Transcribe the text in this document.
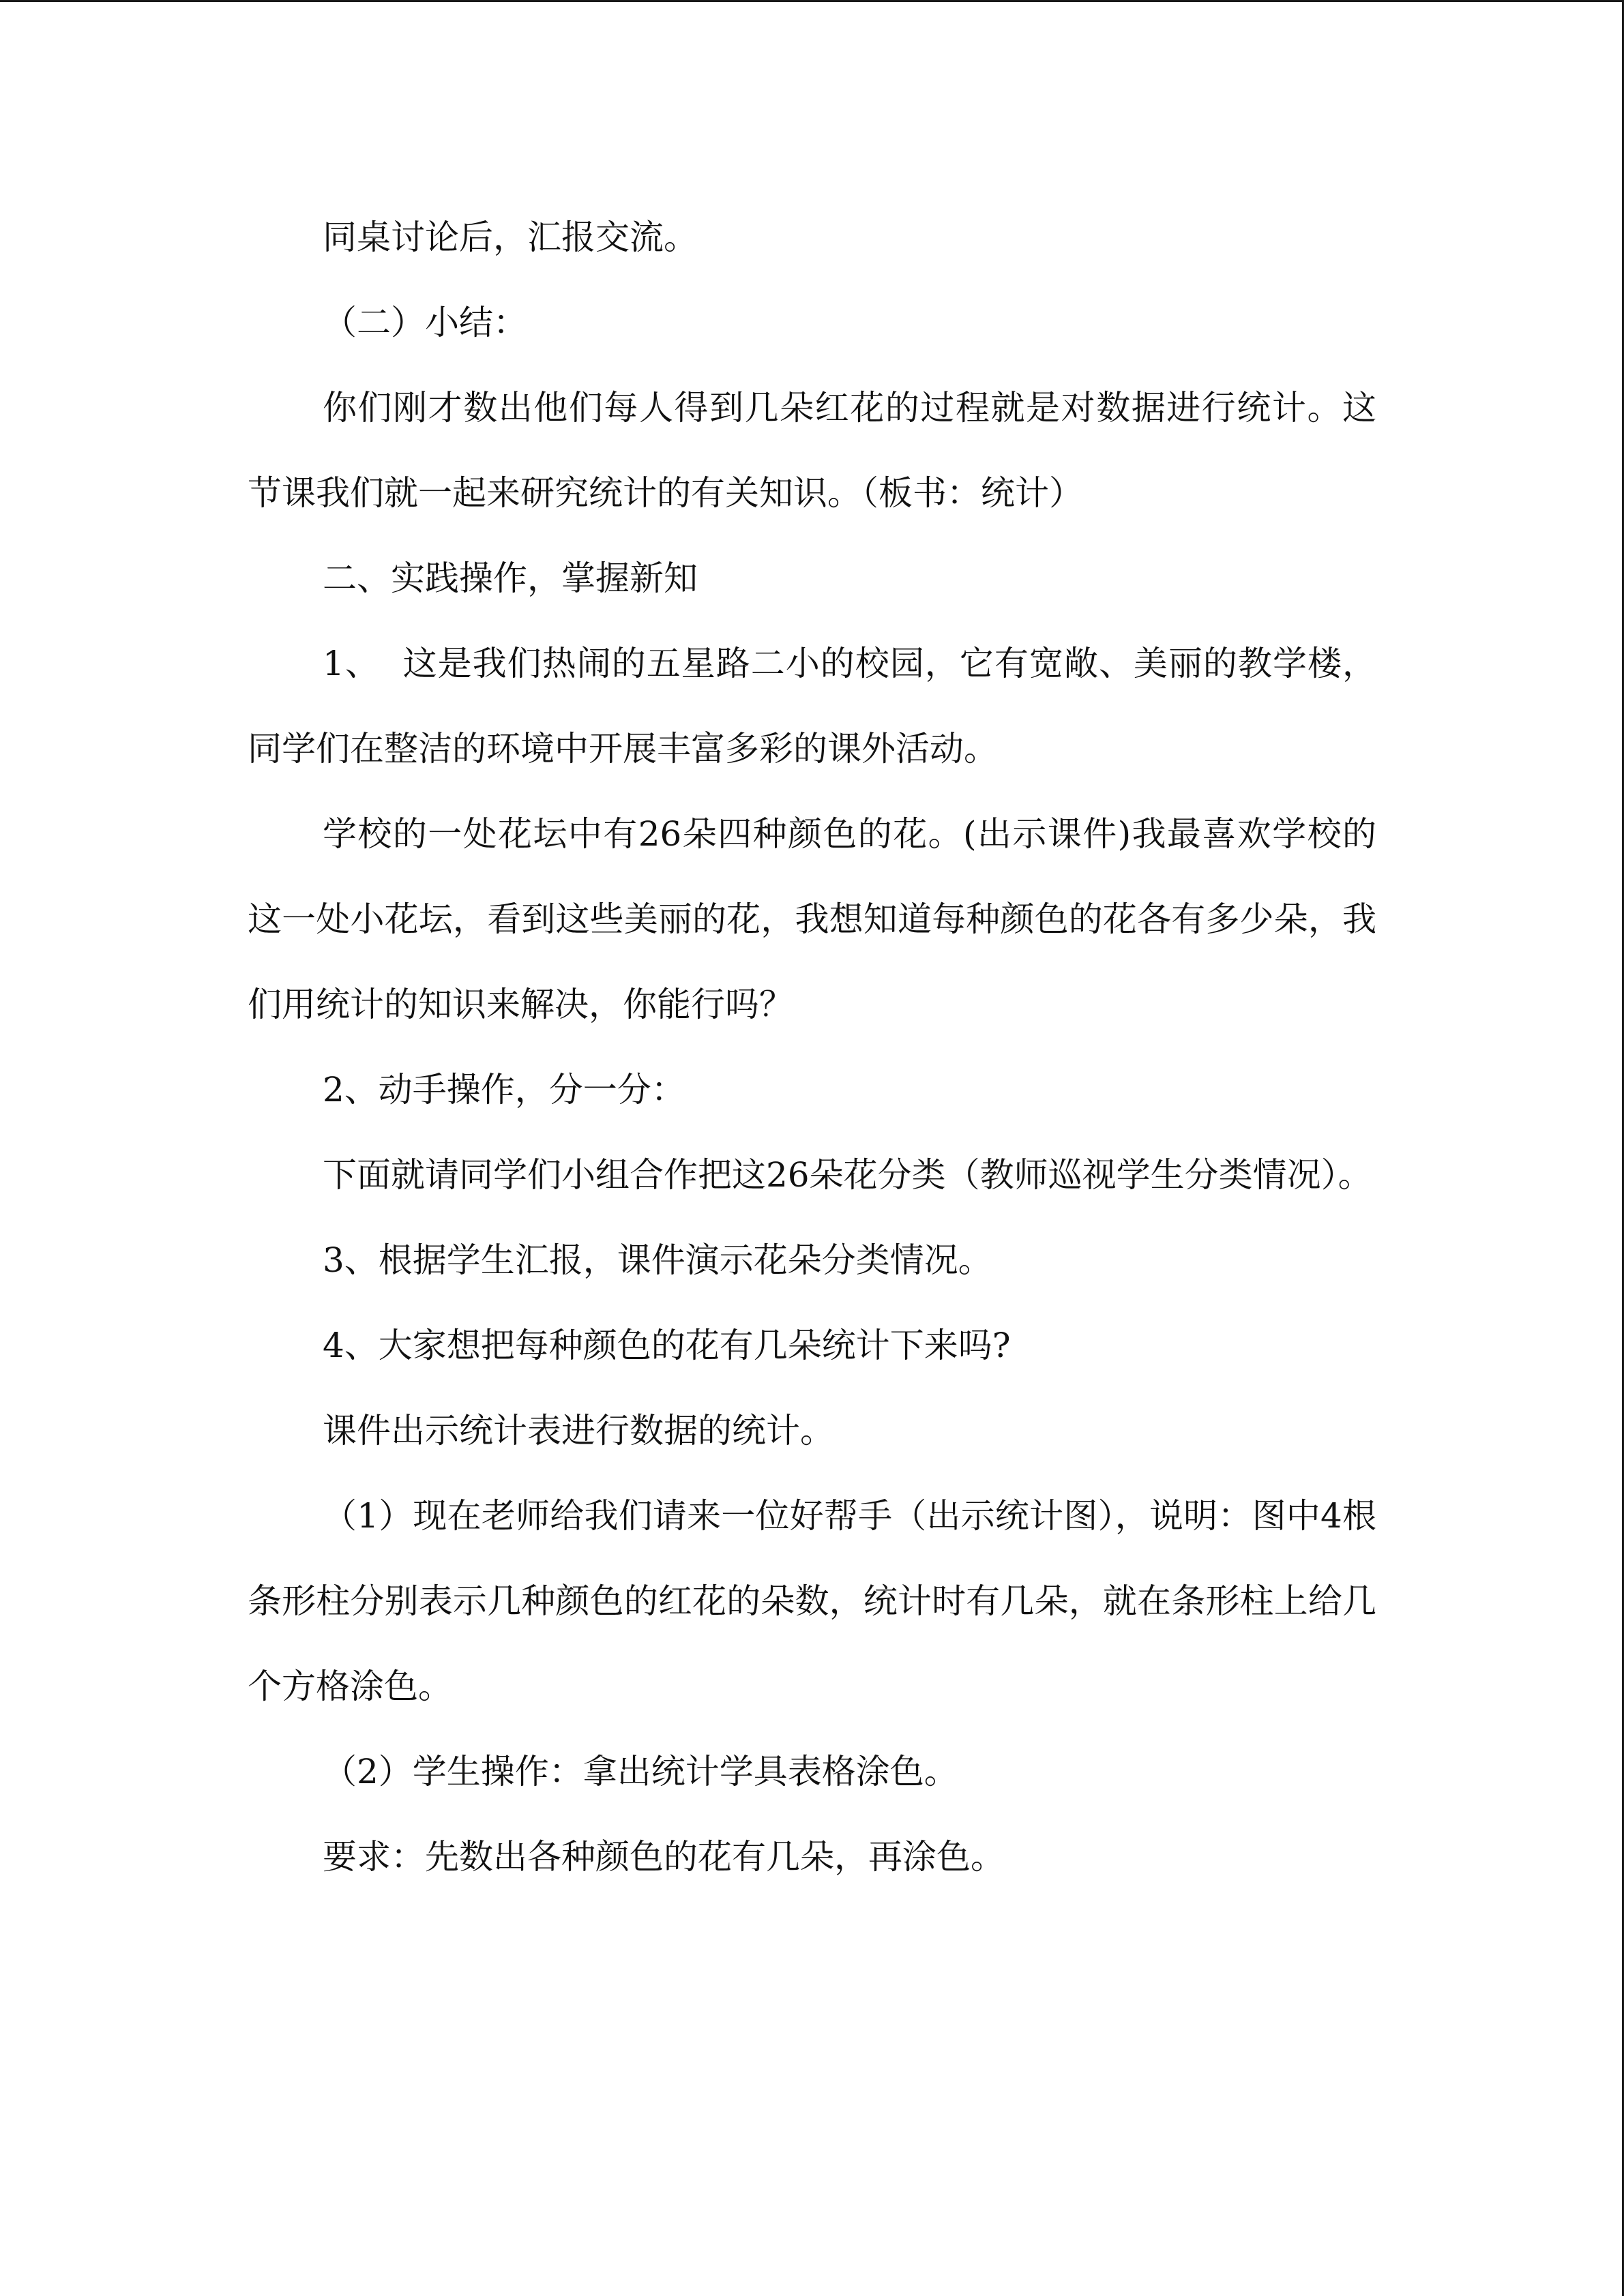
同桌讨论后，汇报交流。

（二）小结：

你们刚才数出他们每人得到几朵红花的过程就是对数据进行统计。这节课我们就一起来研究统计的有关知识。（板书：统计）

二、实践操作，掌握新知

1、  这是我们热闹的五星路二小的校园，它有宽敞、美丽的教学楼，同学们在整洁的环境中开展丰富多彩的课外活动。

学校的一处花坛中有26朵四种颜色的花。(出示课件)我最喜欢学校的这一处小花坛，看到这些美丽的花，我想知道每种颜色的花各有多少朵，我们用统计的知识来解决，你能行吗？

2、动手操作，分一分：

下面就请同学们小组合作把这26朵花分类（教师巡视学生分类情况）。

3、根据学生汇报，课件演示花朵分类情况。

4、大家想把每种颜色的花有几朵统计下来吗?

课件出示统计表进行数据的统计。

（1）现在老师给我们请来一位好帮手（出示统计图），说明：图中4根条形柱分别表示几种颜色的红花的朵数，统计时有几朵，就在条形柱上给几个方格涂色。

（2）学生操作：拿出统计学具表格涂色。

要求：先数出各种颜色的花有几朵，再涂色。
